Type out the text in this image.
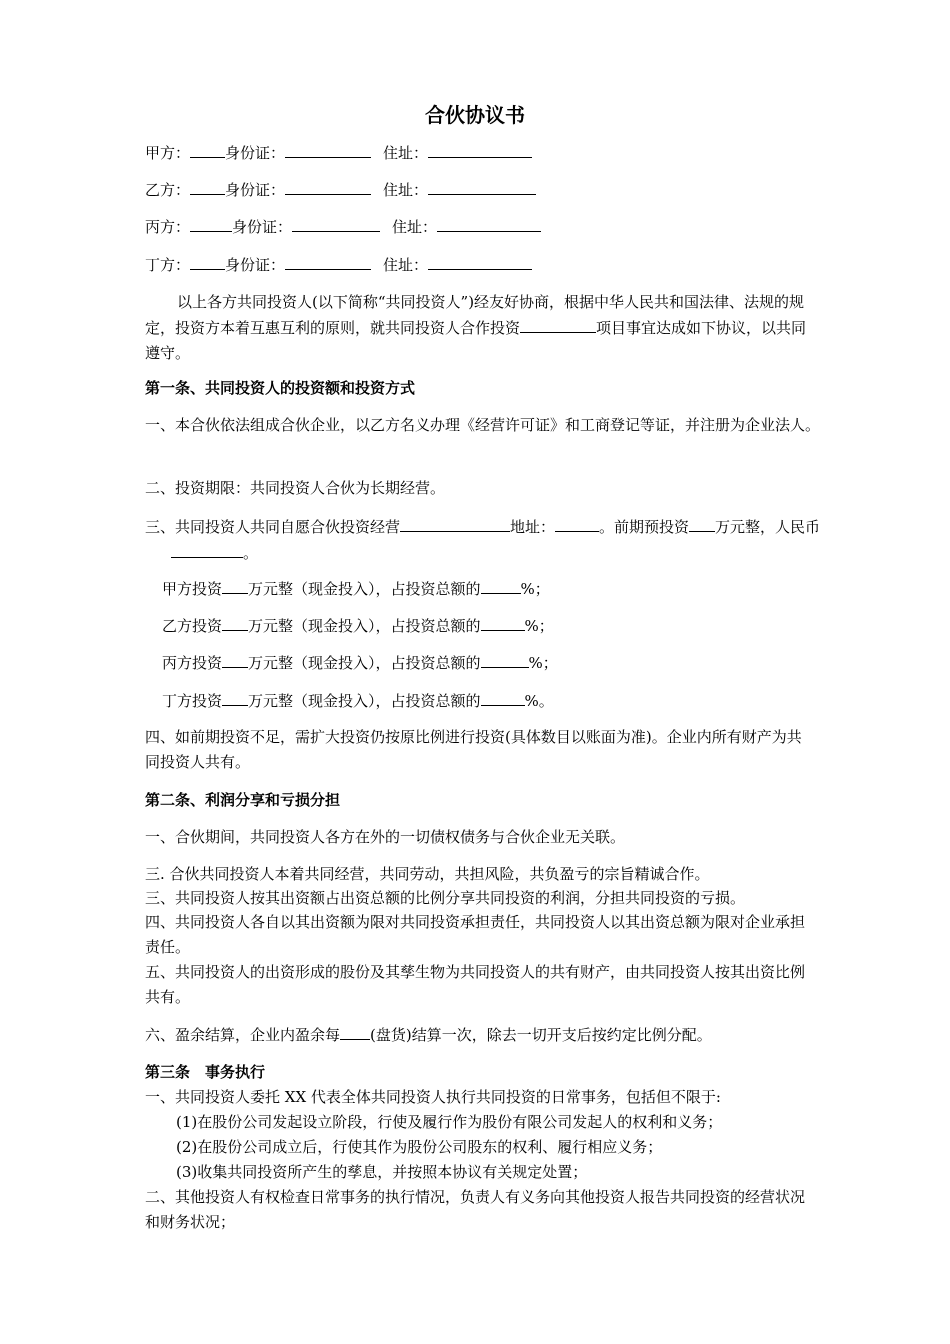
合伙协议书
甲方： 身份证：	住址：
乙方： 身份证：	住址：
丙方：	身份证：	住址：
丁方： 身份证：	住址：
以上各方共同投资人(以下简称“共同投资人”)经友好协商，根据中华人民共和国法律、法规的规定，投资方本着互惠互利的原则，就共同投资人合作投资	项目事宜达成如下协议，以共同遵守。
第一条、共同投资人的投资额和投资方式
一、本合伙依法组成合伙企业，以乙方名义办理《经营许可证》和工商登记等证，并注册为企业法人。
二、投资期限：共同投资人合伙为长期经营。
三、共同投资人共同自愿合伙投资经营	地址：	。前期预投资 万元整，人民币。
甲方投资 万元整（现金投入），占投资总额的	%；
乙方投资 万元整（现金投入），占投资总额的	%；
丙方投资 万元整（现金投入），占投资总额的	%；
丁方投资 万元整（现金投入），占投资总额的	%。
四、如前期投资不足，需扩大投资仍按原比例进行投资(具体数目以账面为准)。企业内所有财产为共同投资人共有。
第二条、利润分享和亏损分担
一、合伙期间，共同投资人各方在外的一切债权债务与合伙企业无关联。
三. 合伙共同投资人本着共同经营，共同劳动，共担风险，共负盈亏的宗旨精诚合作。
三、共同投资人按其出资额占出资总额的比例分享共同投资的利润，分担共同投资的亏损。
四、共同投资人各自以其出资额为限对共同投资承担责任，共同投资人以其出资总额为限对企业承担责任。
五、共同投资人的出资形成的股份及其孳生物为共同投资人的共有财产，由共同投资人按其出资比例共有。
六、盈余结算，企业内盈余每 (盘货)结算一次，除去一切开支后按约定比例分配。
第三条　事务执行
一、共同投资人委托 XX 代表全体共同投资人执行共同投资的日常事务，包括但不限于:
(1)在股份公司发起设立阶段，行使及履行作为股份有限公司发起人的权利和义务；
(2)在股份公司成立后，行使其作为股份公司股东的权利、履行相应义务；
(3)收集共同投资所产生的孳息，并按照本协议有关规定处置；
二、其他投资人有权检查日常事务的执行情况，负责人有义务向其他投资人报告共同投资的经营状况和财务状况；
